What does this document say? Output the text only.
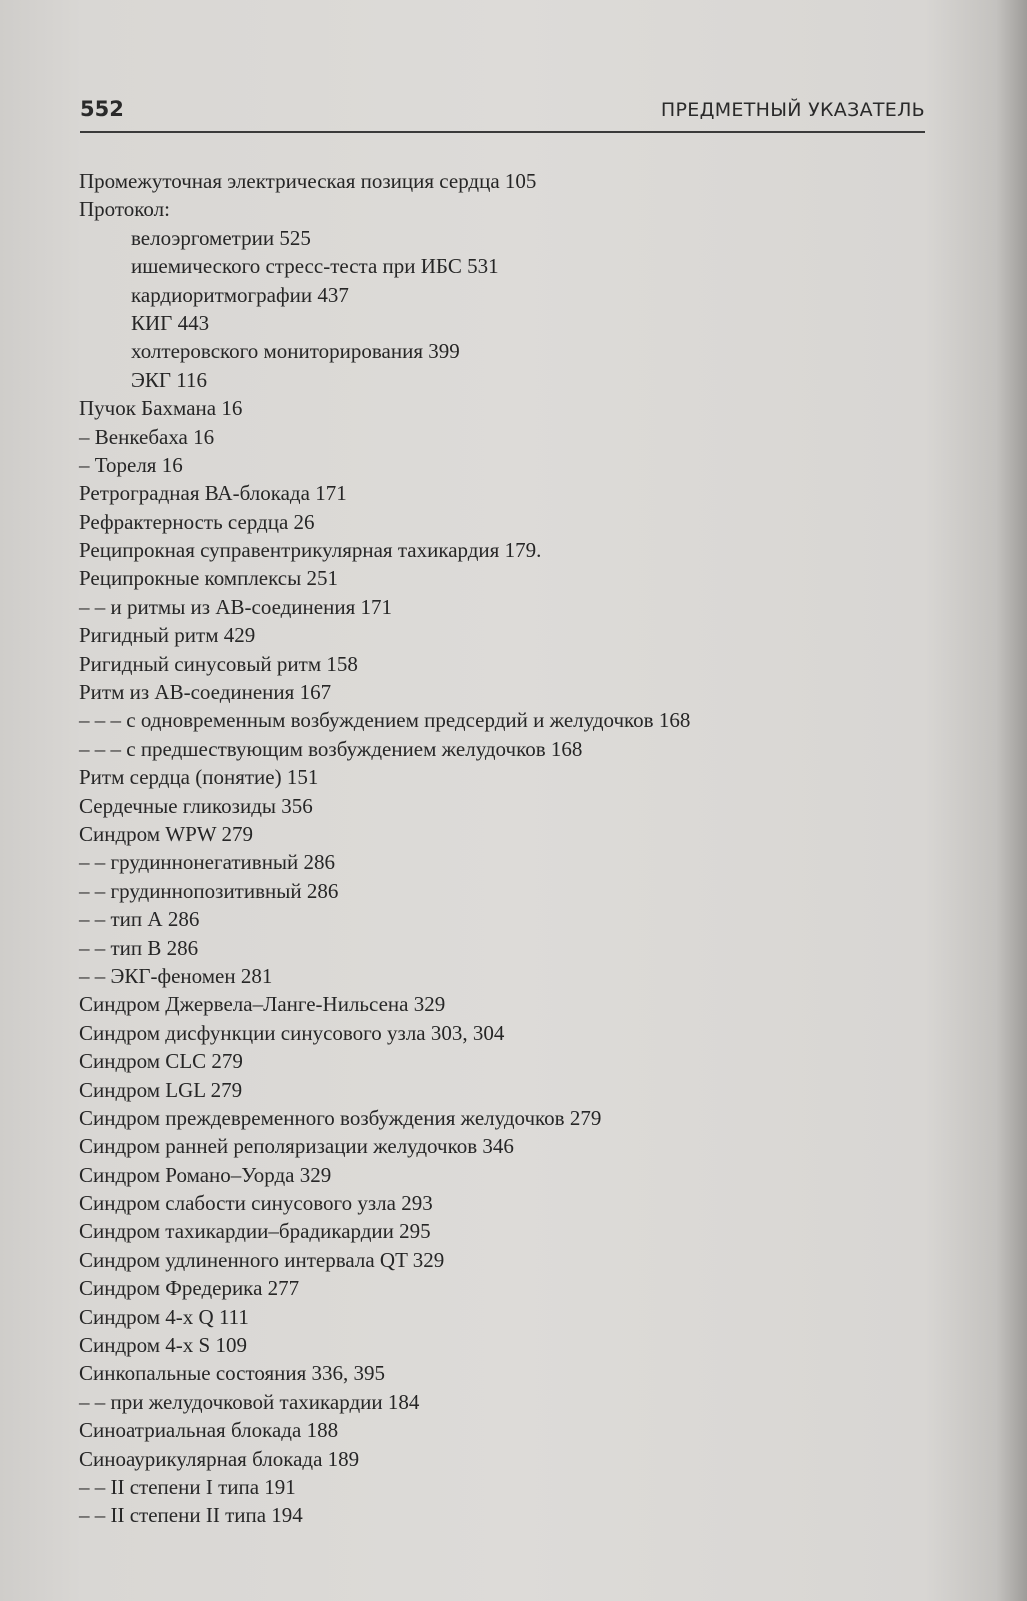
552	ПРЕДМЕТНЫЙ УКАЗАТЕЛЬ
Промежуточная электрическая позиция сердца 105
Протокол:
велоэргометрии 525
ишемического стресс-теста при ИБС 531
кардиоритмографии 437
КИГ 443
холтеровского мониторирования 399
ЭКГ 116
Пучок Бахмана 16
– Венкебаха 16
– Тореля 16
Ретроградная ВА-блокада 171
Рефрактерность сердца 26
Реципрокная суправентрикулярная тахикардия 179.
Реципрокные комплексы 251
– – и ритмы из АВ-соединения 171
Ригидный ритм 429
Ригидный синусовый ритм 158
Ритм из АВ-соединения 167
– – – с одновременным возбуждением предсердий и желудочков 168
– – – с предшествующим возбуждением желудочков 168
Ритм сердца (понятие) 151
Сердечные гликозиды 356
Синдром WPW 279
– – грудиннонегативный 286
– – грудиннопозитивный 286
– – тип А 286
– – тип В 286
– – ЭКГ-феномен 281
Синдром Джервела–Ланге-Нильсена 329
Синдром дисфункции синусового узла 303, 304
Синдром CLC 279
Синдром LGL 279
Синдром преждевременного возбуждения желудочков 279
Синдром ранней реполяризации желудочков 346
Синдром Романо–Уорда 329
Синдром слабости синусового узла 293
Синдром тахикардии–брадикардии 295
Синдром удлиненного интервала QT 329
Синдром Фредерика 277
Синдром 4-х Q 111
Синдром 4-х S 109
Синкопальные состояния 336, 395
– – при желудочковой тахикардии 184
Синоатриальная блокада 188
Синоаурикулярная блокада 189
– – II степени I типа 191
– – II степени II типа 194
